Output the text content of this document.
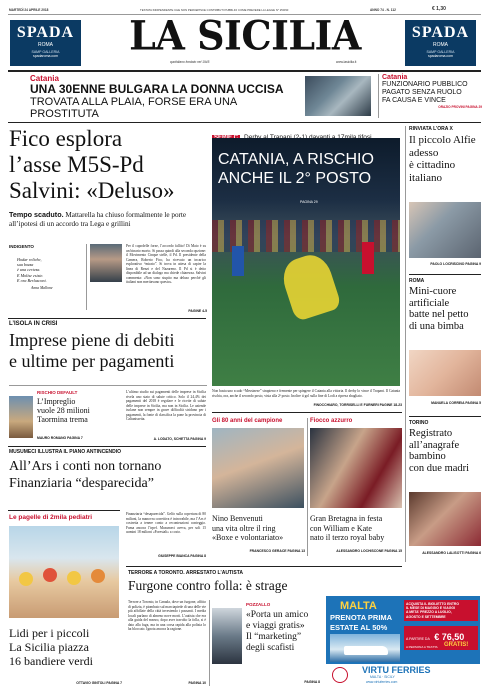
MARTEDÌ 24 APRILE 2018	TESTATA INDIPENDENTE CHE NON PERCEPISCE CONTRIBUTI PUBBLICI COME PREVEDE LA LEGGE N° 250/90	ANNO 74 - N. 112	€ 1,30
SPADA
ROMA
SAMP GALLERIA
spadaroma.com	LA SICILIA
quotidiano fondato nel 1945	www.lasicilia.it
SPADA
ROMA
SAMP GALLERIA
spadaroma.com
Catania
UNA 30ENNE BULGARA LA DONNA UCCISA
TROVATA ALLA PLAIA, FORSE ERA UNA PROSTITUTA
Catania
FUNZIONARIO PUBBLICO
PAGATO SENZA RUOLO
FA CAUSA E VINCE
ORAZIO PROVINI PAGINA 29
Fico esplora
l’asse M5S-Pd
Salvini: «Deluso»
Tempo scaduto. Mattarella ha chiuso formalmente le porte all’ipotesi di un accordo tra Lega e grillini
INDIGENTO
Hodar reliebe,
sua bozza
è una certeza.
E Molise esiste.
E ora Berlusconi.
Anna Mallone
Per il capodelle forze, l’accordo fallito! Di Maio è su un binario morto. Si passa quindi alla seconda opzione: il Movimento Cinque stelle, il Pd. Il presidente della Camera, Roberto Fico, ha ricevuto un incarico esplorativo “mirato”. Si trova in attesa di capire la linea di Renzi e del Nazareno. Il Pd si è detto disponibile ad un dialogo ma chiede chiarezza. Salvini commenta: «Non sono stupito ma deluso perché gli italiani non meritavano questo».
PAGINE 4-5
L’ISOLA IN CRISI
Imprese piene di debiti
e ultime per pagamenti
RISCHIO DEFAULT
L’Impreglio
vuole 28 milioni
Taormina trema
MAURO ROMANO PAGINA 7
L’ultimo studio sui pagamenti delle imprese in Sicilia rivela uno stato di salute critico. Solo il 24,4% dei pagamenti del 2018 è regolare e le ricette di salute delle imprese in Sicilia, ma non in Sicilia. Le aziende isolane non sempre in grave difficoltà stridono per i pagamenti, la fonte di classifica la pone la provincia di Caltanissetta.
A. LODATO, SCHETTA PAGINA 9
MUSUMECI ILLUSTRA IL PIANO ANTINCENDIO
All’Ars i conti non tornano
Finanziaria “desparecida”
Le pagelle di 2mila pediatri
Lidi per i piccoli
La Sicilia piazza
16 bandiere verdi
OTTAVIO GINTOLI PAGINA 7
Finanziaria “desaparecida”. Gelfo sulla copertura di 80 milioni, la manovra correttiva è introvabile, ma l’Ars è costretta a tenere conto a reconteazioni conteggio. Fuma ancora l’irpef. Musumeci aveva, per soli 15 uomini 18 milioni «Forestali» a costo.
GIUSEPPE BIANCA PAGINA 8
CATANIA, A RISCHIO
ANCHE IL 2° POSTO
PAGINA 29
Non basta uno scudo “Messinese” strapieno e fremente per spingere il Catania alla vittoria. Il derby lo vince il Trapani. Il Catania rischia, ora, anche il secondo posto, vista alla 2ª posto. Inoltre ti gol sulla fine di Lodi a ripresa sbagliato.
FINOCCHIARO, TORRISELLI E FURNERI PAGINE 18-23
Gli 80 anni del campione
Nino Benvenuti
una vita oltre il ring
«Boxe e volontariato»
FRANCESCO GERACE PAGINA 13
Fiocco azzurro
Gran Bretagna in festa
con William e Kate
nato il terzo royal baby
ALESSANDRO LOCHISCONE PAGINA 15
TERRORE A TORONTO. ARRESTATO L’AUTISTA
Furgone contro folla: è strage
Terrore a Toronto, in Canada, dove un furgone, affitto di polizia, è piombato sul marciapiede di una delle vie più affollate della città investendo i passanti. I media locali parlano di almeno nove morti. L’autista che era alla guida del mezzo, dopo aver travolto la folla, si è dato alla fuga, ma in una corsa rapida alla polizia lo ha bloccato. Ignota ancora la ragione.
PAGINA 10
POZZALLO
«Porta un amico
e viaggi gratis»
Il “marketing”
degli scafisti
PAGINA 8
MALTA
PRENOTA PRIMA
ESTATE AL 50%
ACQUISTA IL BIGLIETTO ENTRO
IL MESE DI MAGGIO E VIAGGI
A META’ PREZZO A LUGLIO,
AGOSTO E SETTEMBRE
A PARTIRE DA € 76,50
A PERSONA A TRATTA	GRATIS!
VIRTU FERRIES
MALTA · SICILY
www.virtuferries.com
RINVIATA L’ORA X
Il piccolo Alfie
adesso
è cittadino
italiano
PAOLO LOCRISCINO PAGINA 9
ROMA
Mini-cuore
artificiale
batte nel petto
di una bimba
MANUELA CORREIA PAGINA 5
TORINO
Registrato
all’anagrafe
bambino
con due madri
ALESSANDRO LALISOTTI PAGINA 6
